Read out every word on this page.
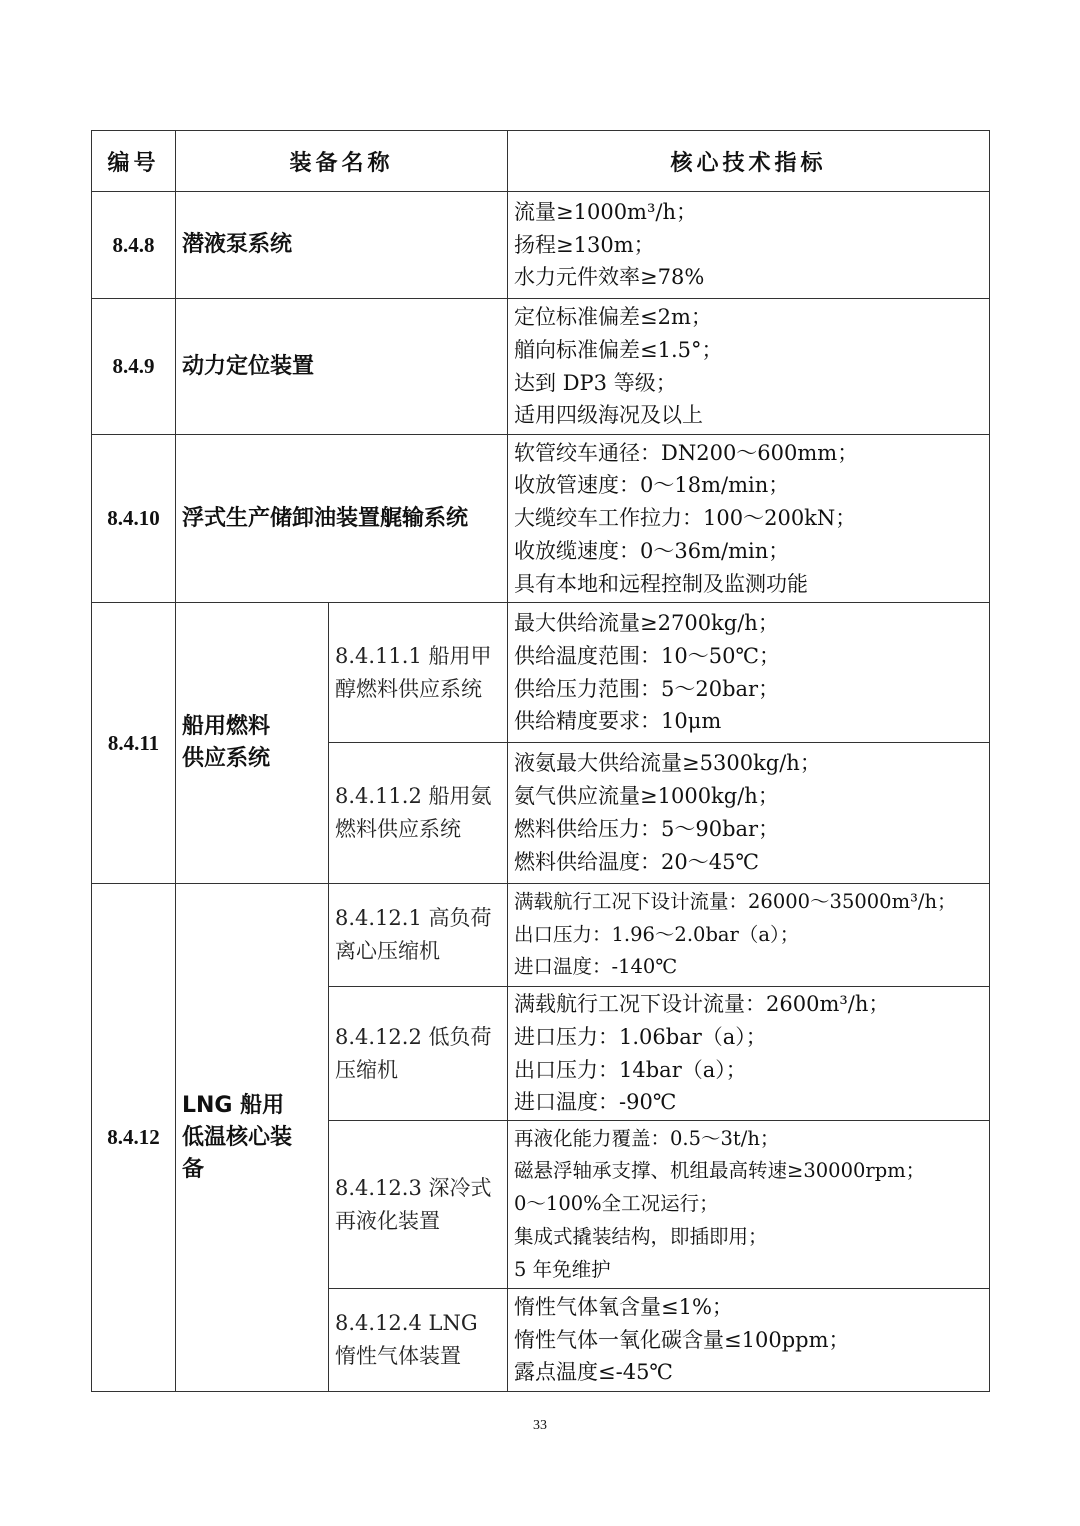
编号	装备名称		核心技术指标
8.4.8	潜液泵系统		流量≥1000m³/h；
扬程≥130m；
水力元件效率≥78%

8.4.9	动力定位装置		定位标准偏差≤2m；
艏向标准偏差≤1.5°；
达到 DP3 等级；
适用四级海况及以上

8.4.10	浮式生产储卸油装置艉输系统		软管绞车通径：DN200～600mm；
收放管速度：0～18m/min；
大缆绞车工作拉力：100～200kN；
收放缆速度：0～36m/min；
具有本地和远程控制及监测功能

8.4.11	船用燃料供应系统	8.4.11.1 船用甲醇燃料供应系统	最大供给流量≥2700kg/h；
供给温度范围：10～50℃；
供给压力范围：5～20bar；
供给精度要求：10μm

		8.4.11.2 船用氨燃料供应系统	液氨最大供给流量≥5300kg/h；
氨气供应流量≥1000kg/h；
燃料供给压力：5～90bar；
燃料供给温度：20～45℃

8.4.12	LNG 船用低温核心装备	8.4.12.1 高负荷离心压缩机	满载航行工况下设计流量：26000～35000m³/h；
出口压力：1.96～2.0bar（a）；
进口温度：-140℃

		8.4.12.2 低负荷压缩机	满载航行工况下设计流量：2600m³/h；
进口压力：1.06bar（a）；
出口压力：14bar（a）；
进口温度：-90℃

		8.4.12.3 深冷式再液化装置	再液化能力覆盖：0.5～3t/h；
磁悬浮轴承支撑、机组最高转速≥30000rpm；
0～100%全工况运行；
集成式撬装结构，即插即用；
5 年免维护

		8.4.12.4 LNG 惰性气体装置	惰性气体氧含量≤1%；
惰性气体一氧化碳含量≤100ppm；
露点温度≤-45℃
33
